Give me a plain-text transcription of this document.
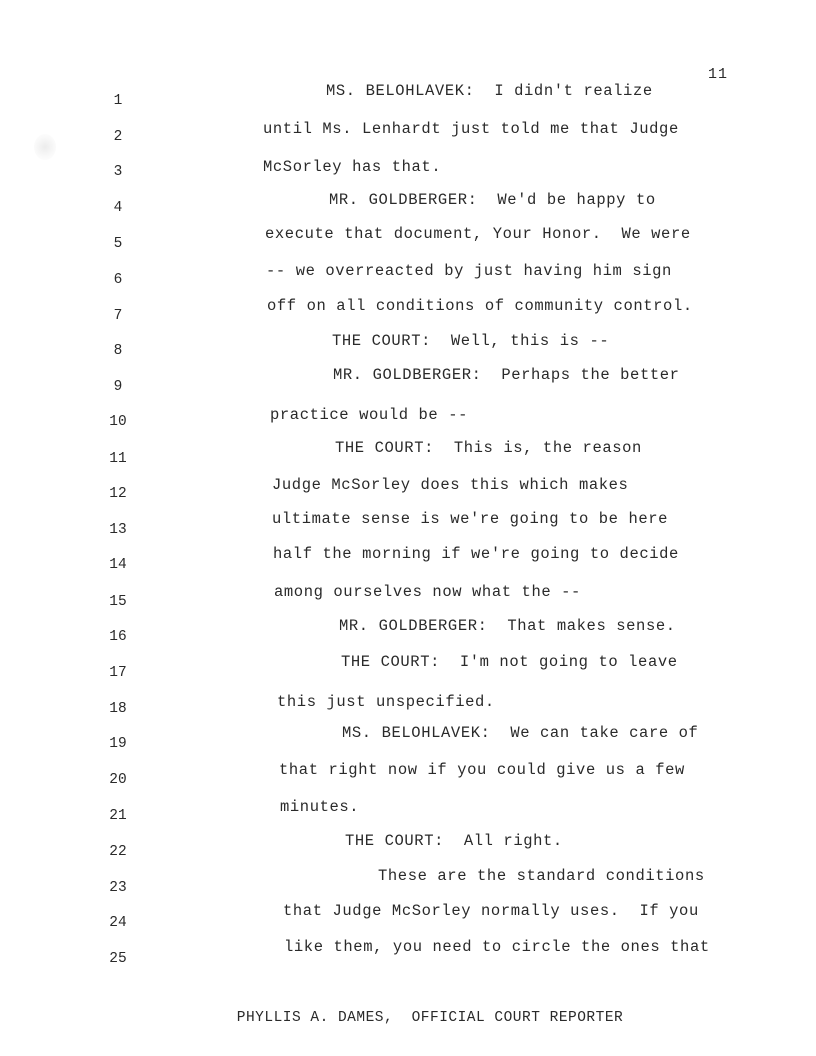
11
1
MS. BELOHLAVEK:  I didn't realize
2	until Ms. Lenhardt just told me that Judge
3	McSorley has that.
4	MR. GOLDBERGER:  We'd be happy to
5
execute that document, Your Honor.  We were
6	-- we overreacted by just having him sign
7
off on all conditions of community control.
8
THE COURT:  Well, this is --
9
MR. GOLDBERGER:  Perhaps the better
10	practice would be --
11
THE COURT:  This is, the reason
12	Judge McSorley does this which makes
13
ultimate sense is we're going to be here
14
half the morning if we're going to decide
15
among ourselves now what the --
16
MR. GOLDBERGER:  That makes sense.
17
THE COURT:  I'm not going to leave
18	this just unspecified.
19
MS. BELOHLAVEK:  We can take care of
20
that right now if you could give us a few
21	minutes.
22
THE COURT:  All right.
23
These are the standard conditions
24
that Judge McSorley normally uses.  If you
25
like them, you need to circle the ones that
PHYLLIS A. DAMES,  OFFICIAL COURT REPORTER
